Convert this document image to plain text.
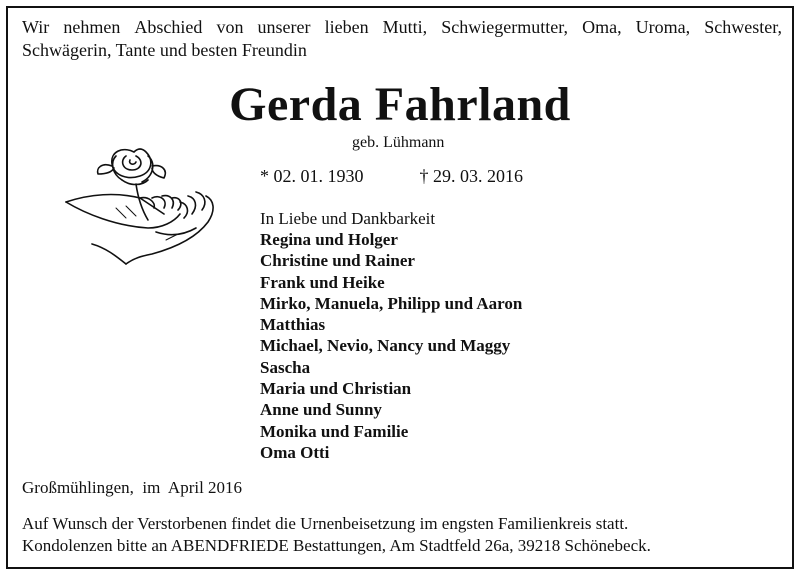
Wir nehmen Abschied von unserer lieben Mutti, Schwiegermutter, Oma, Uroma, Schwester,
Schwägerin, Tante und besten Freundin
Gerda Fahrland
geb. Lühmann
* 02. 01. 1930	† 29. 03. 2016
In Liebe und Dankbarkeit
Regina und Holger
Christine und Rainer
Frank und Heike
Mirko, Manuela, Philipp und Aaron
Matthias
Michael, Nevio, Nancy und Maggy
Sascha
Maria und Christian
Anne und Sunny
Monika und Familie
Oma Otti
Großmühlingen,  im  April 2016
Auf Wunsch der Verstorbenen findet die Urnenbeisetzung im engsten Familienkreis statt.
Kondolenzen bitte an ABENDFRIEDE Bestattungen, Am Stadtfeld 26a, 39218 Schönebeck.
